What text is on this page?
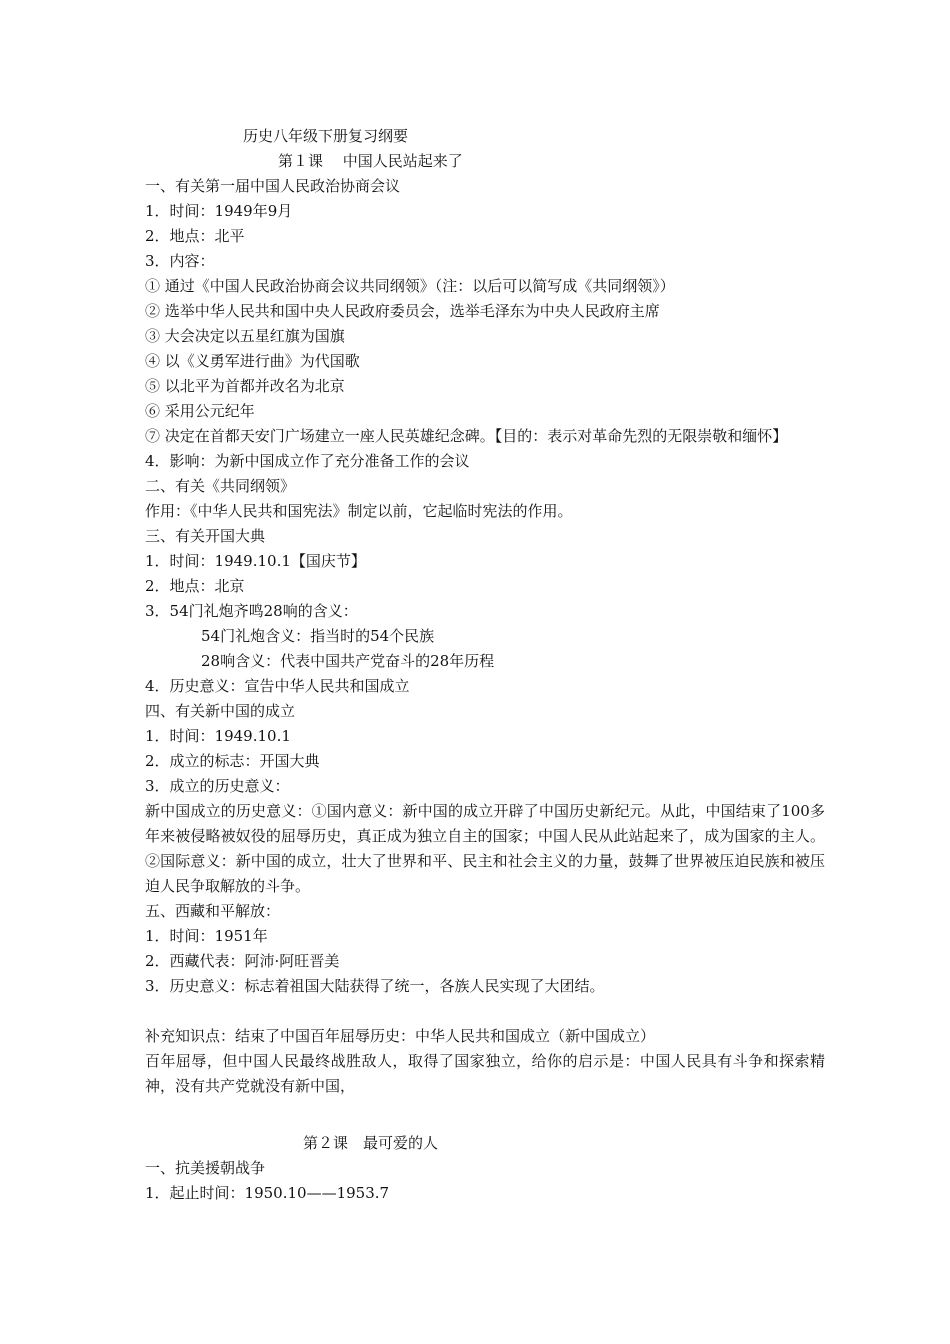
历史八年级下册复习纲要
第１课　 中国人民站起来了
一、有关第一届中国人民政治协商会议
1．时间：1949年9月
2．地点：北平
3．内容：
① 通过《中国人民政治协商会议共同纲领》（注：以后可以简写成《共同纲领》）
② 选举中华人民共和国中央人民政府委员会，选举毛泽东为中央人民政府主席
③ 大会决定以五星红旗为国旗
④ 以《义勇军进行曲》为代国歌
⑤ 以北平为首都并改名为北京
⑥ 采用公元纪年
⑦ 决定在首都天安门广场建立一座人民英雄纪念碑。【目的：表示对革命先烈的无限崇敬和缅怀】
4．影响：为新中国成立作了充分准备工作的会议
二、有关《共同纲领》
作用：《中华人民共和国宪法》制定以前，它起临时宪法的作用。
三、有关开国大典
1．时间：1949.10.1【国庆节】
2．地点：北京
3．54门礼炮齐鸣28响的含义：
54门礼炮含义：指当时的54个民族
28响含义：代表中国共产党奋斗的28年历程
4．历史意义：宣告中华人民共和国成立
四、有关新中国的成立
1．时间：1949.10.1
2．成立的标志：开国大典
3．成立的历史意义：
新中国成立的历史意义：①国内意义：新中国的成立开辟了中国历史新纪元。从此，中国结束了100多年来被侵略被奴役的屈辱历史，真正成为独立自主的国家；中国人民从此站起来了，成为国家的主人。②国际意义：新中国的成立，壮大了世界和平、民主和社会主义的力量，鼓舞了世界被压迫民族和被压迫人民争取解放的斗争。
五、西藏和平解放：
1．时间：1951年
2．西藏代表：阿沛·阿旺晋美
3．历史意义：标志着祖国大陆获得了统一，各族人民实现了大团结。
补充知识点：结束了中国百年屈辱历史：中华人民共和国成立（新中国成立）
百年屈辱，但中国人民最终战胜敌人，取得了国家独立，给你的启示是：中国人民具有斗争和探索精神，没有共产党就没有新中国，
第２课　最可爱的人
一、抗美援朝战争
1．起止时间：1950.10——1953.7
